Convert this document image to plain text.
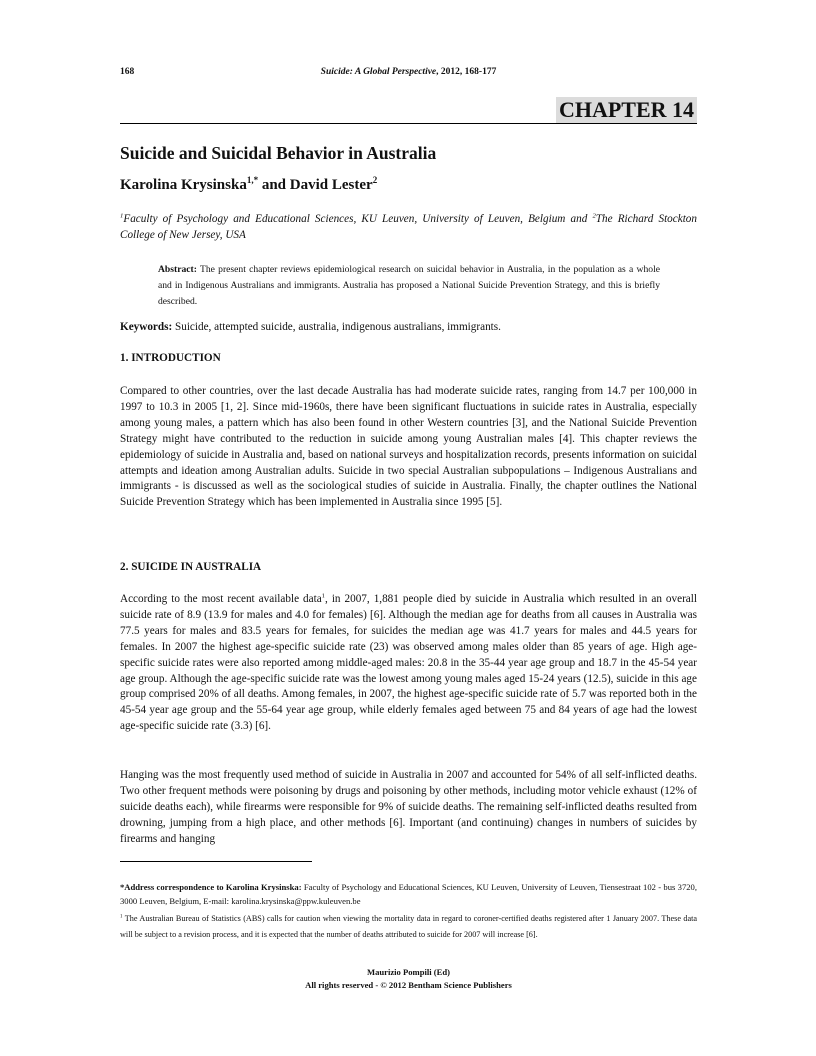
168	Suicide: A Global Perspective, 2012, 168-177
CHAPTER 14
Suicide and Suicidal Behavior in Australia
Karolina Krysinska$^{1,*}$ and David Lester$^2$
$^1$Faculty of Psychology and Educational Sciences, KU Leuven, University of Leuven, Belgium and $^2$The Richard Stockton College of New Jersey, USA
Abstract: The present chapter reviews epidemiological research on suicidal behavior in Australia, in the population as a whole and in Indigenous Australians and immigrants. Australia has proposed a National Suicide Prevention Strategy, and this is briefly described.
Keywords: Suicide, attempted suicide, australia, indigenous australians, immigrants.
1. INTRODUCTION
Compared to other countries, over the last decade Australia has had moderate suicide rates, ranging from 14.7 per 100,000 in 1997 to 10.3 in 2005 [1, 2]. Since mid-1960s, there have been significant fluctuations in suicide rates in Australia, especially among young males, a pattern which has also been found in other Western countries [3], and the National Suicide Prevention Strategy might have contributed to the reduction in suicide among young Australian males [4]. This chapter reviews the epidemiology of suicide in Australia and, based on national surveys and hospitalization records, presents information on suicidal attempts and ideation among Australian adults. Suicide in two special Australian subpopulations – Indigenous Australians and immigrants - is discussed as well as the sociological studies of suicide in Australia. Finally, the chapter outlines the National Suicide Prevention Strategy which has been implemented in Australia since 1995 [5].
2. SUICIDE IN AUSTRALIA
According to the most recent available data$^1$, in 2007, 1,881 people died by suicide in Australia which resulted in an overall suicide rate of 8.9 (13.9 for males and 4.0 for females) [6]. Although the median age for deaths from all causes in Australia was 77.5 years for males and 83.5 years for females, for suicides the median age was 41.7 years for males and 44.5 years for females. In 2007 the highest age-specific suicide rate (23) was observed among males older than 85 years of age. High age-specific suicide rates were also reported among middle-aged males: 20.8 in the 35-44 year age group and 18.7 in the 45-54 year age group. Although the age-specific suicide rate was the lowest among young males aged 15-24 years (12.5), suicide in this age group comprised 20% of all deaths. Among females, in 2007, the highest age-specific suicide rate of 5.7 was reported both in the 45-54 year age group and the 55-64 year age group, while elderly females aged between 75 and 84 years of age had the lowest age-specific suicide rate (3.3) [6].
Hanging was the most frequently used method of suicide in Australia in 2007 and accounted for 54% of all self-inflicted deaths. Two other frequent methods were poisoning by drugs and poisoning by other methods, including motor vehicle exhaust (12% of suicide deaths each), while firearms were responsible for 9% of suicide deaths. The remaining self-inflicted deaths resulted from drowning, jumping from a high place, and other methods [6]. Important (and continuing) changes in numbers of suicides by firearms and hanging
*Address correspondence to Karolina Krysinska: Faculty of Psychology and Educational Sciences, KU Leuven, University of Leuven, Tiensestraat 102 - bus 3720, 3000 Leuven, Belgium, E-mail: karolina.krysinska@ppw.kuleuven.be
$^1$ The Australian Bureau of Statistics (ABS) calls for caution when viewing the mortality data in regard to coroner-certified deaths registered after 1 January 2007. These data will be subject to a revision process, and it is expected that the number of deaths attributed to suicide for 2007 will increase [6].
Maurizio Pompili (Ed)
All rights reserved - © 2012 Bentham Science Publishers
